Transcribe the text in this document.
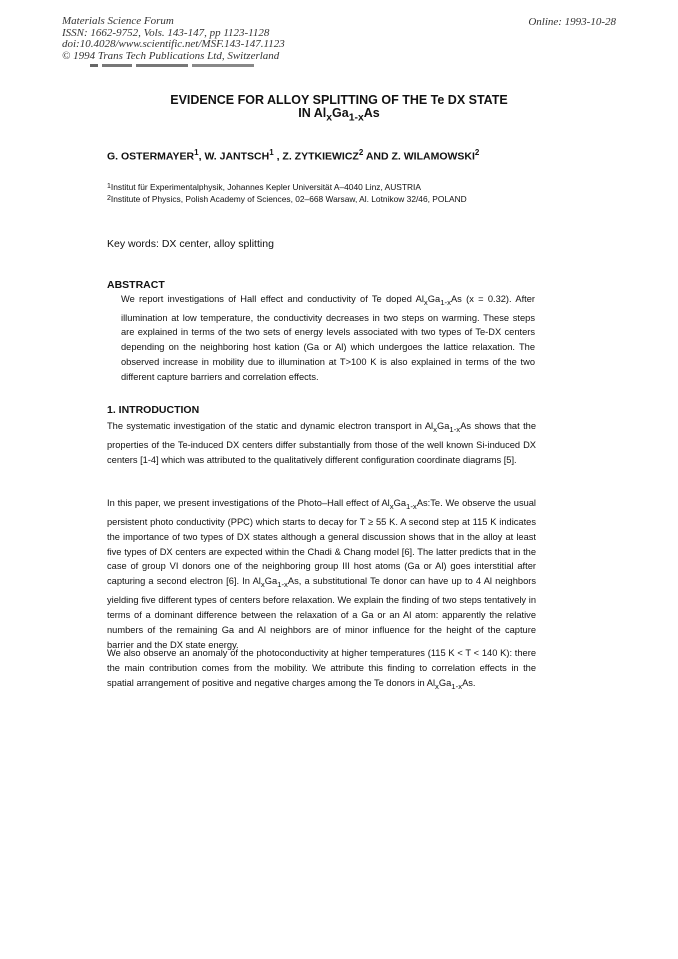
Materials Science Forum
ISSN: 1662-9752, Vols. 143-147, pp 1123-1128
doi:10.4028/www.scientific.net/MSF.143-147.1123
© 1994 Trans Tech Publications Ltd, Switzerland
Online: 1993-10-28
EVIDENCE FOR ALLOY SPLITTING OF THE Te DX STATE
IN $Al_xGa_{1-x}As$
G. OSTERMAYER$^1$, W. JANTSCH$^1$ , Z. ZYTKIEWICZ$^2$ AND Z. WILAMOWSKI$^2$
$^1$Institut für Experimentalphysik, Johannes Kepler Universität A–4040 Linz, AUSTRIA
$^2$Institute of Physics, Polish Academy of Sciences, 02–668 Warsaw, Al. Lotnikow 32/46, POLAND
Key words: DX center, alloy splitting
ABSTRACT

We report investigations of Hall effect and conductivity of Te doped $Al_xGa_{1-x}As$ (x = 0.32). After illumination at low temperature, the conductivity decreases in two steps on warming. These steps are explained in terms of the two sets of energy levels associated with two types of Te-DX centers depending on the neighboring host kation (Ga or Al) which undergoes the lattice relaxation. The observed increase in mobility due to illumination at T>100 K is also explained in terms of the two different capture barriers and correlation effects.

1. INTRODUCTION

The systematic investigation of the static and dynamic electron transport in $Al_xGa_{1-x}As$ shows that the properties of the Te-induced DX centers differ substantially from those of the well known Si-induced DX centers [1-4] which was attributed to the qualitatively different configuration coordinate diagrams [5].

In this paper, we present investigations of the Photo–Hall effect of $Al_xGa_{1-x}As:Te$. We observe the usual persistent photo conductivity (PPC) which starts to decay for T ≥ 55 K. A second step at 115 K indicates the importance of two types of DX states although a general discussion shows that in the alloy at least five types of DX centers are expected within the Chadi & Chang model [6]. The latter predicts that in the case of group VI donors one of the neighboring group III host atoms (Ga or Al) goes interstitial after capturing a second electron [6]. In $Al_xGa_{1-x}As$, a substitutional Te donor can have up to 4 Al neighbors yielding five different types of centers before relaxation. We explain the finding of two steps tentatively in terms of a dominant difference between the relaxation of a Ga or an Al atom: apparently the relative numbers of the remaining Ga and Al neighbors are of minor influence for the height of the capture barrier and the DX state energy.

We also observe an anomaly of the photoconductivity at higher temperatures (115 K < T < 140 K): there the main contribution comes from the mobility. We attribute this finding to correlation effects in the spatial arrangement of positive and negative charges among the Te donors in $Al_xGa_{1-x}As$.
